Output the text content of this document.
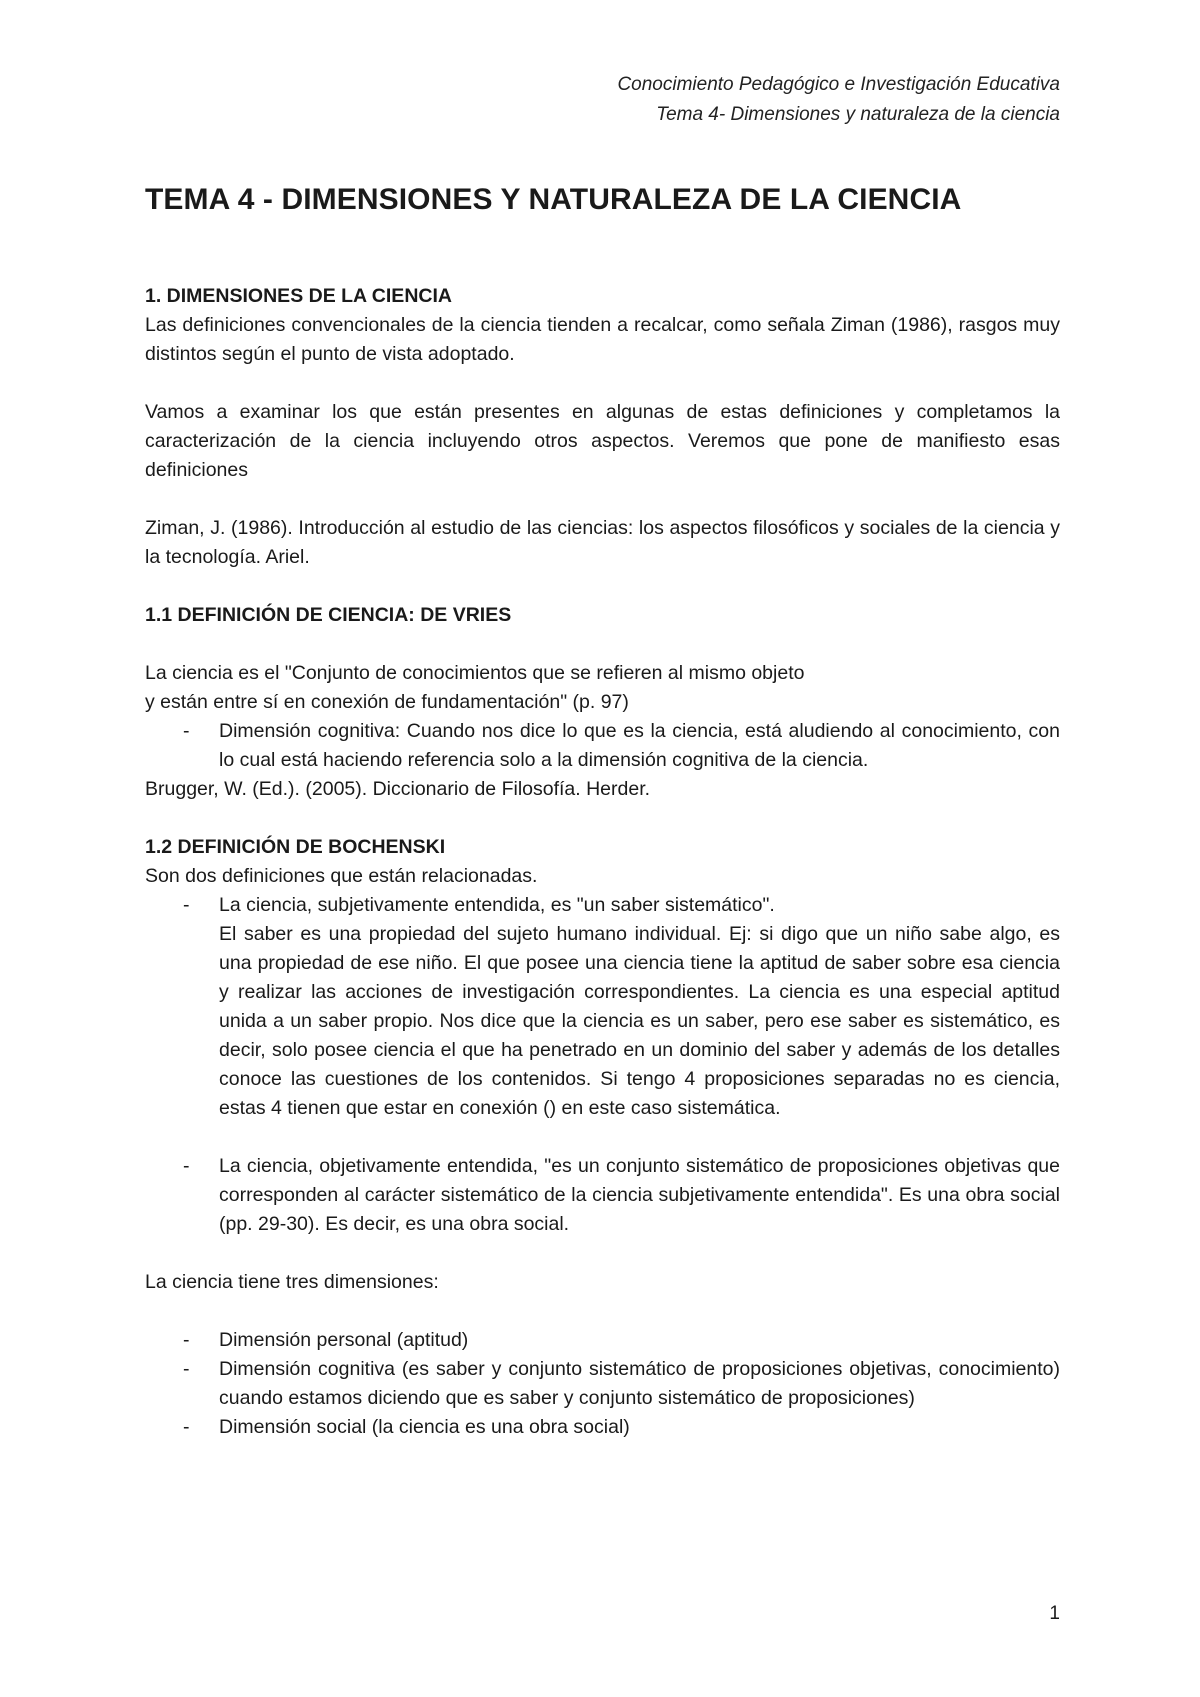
Conocimiento Pedagógico e Investigación Educativa
Tema 4- Dimensiones y naturaleza de la ciencia
TEMA 4 - DIMENSIONES Y NATURALEZA DE LA CIENCIA

1. DIMENSIONES DE LA CIENCIA

Las definiciones convencionales de la ciencia tienden a recalcar, como señala Ziman (1986), rasgos muy distintos según el punto de vista adoptado.

Vamos a examinar los que están presentes en algunas de estas definiciones y completamos la caracterización de la ciencia incluyendo otros aspectos. Veremos que pone de manifiesto esas definiciones

Ziman, J. (1986). Introducción al estudio de las ciencias: los aspectos filosóficos y sociales de la ciencia y la tecnología. Ariel.

1.1 DEFINICIÓN DE CIENCIA: DE VRIES

La ciencia es el "Conjunto de conocimientos que se refieren al mismo objeto

y están entre sí en conexión de fundamentación" (p. 97)

- Dimensión cognitiva: Cuando nos dice lo que es la ciencia, está aludiendo al conocimiento, con lo cual está haciendo referencia solo a la dimensión cognitiva de la ciencia.

Brugger, W. (Ed.). (2005). Diccionario de Filosofía. Herder.

1.2 DEFINICIÓN DE BOCHENSKI

Son dos definiciones que están relacionadas.

- La ciencia, subjetivamente entendida, es "un saber sistemático".
El saber es una propiedad del sujeto humano individual. Ej: si digo que un niño sabe algo, es una propiedad de ese niño. El que posee una ciencia tiene la aptitud de saber sobre esa ciencia y realizar las acciones de investigación correspondientes. La ciencia es una especial aptitud unida a un saber propio. Nos dice que la ciencia es un saber, pero ese saber es sistemático, es decir, solo posee ciencia el que ha penetrado en un dominio del saber y además de los detalles conoce las cuestiones de los contenidos. Si tengo 4 proposiciones separadas no es ciencia, estas 4 tienen que estar en conexión () en este caso sistemática.
- La ciencia, objetivamente entendida, "es un conjunto sistemático de proposiciones objetivas que corresponden al carácter sistemático de la ciencia subjetivamente entendida". Es una obra social (pp. 29-30). Es decir, es una obra social.

La ciencia tiene tres dimensiones:

- Dimensión personal (aptitud)
- Dimensión cognitiva (es saber y conjunto sistemático de proposiciones objetivas, conocimiento) cuando estamos diciendo que es saber y conjunto sistemático de proposiciones)
- Dimensión social (la ciencia es una obra social)
1
